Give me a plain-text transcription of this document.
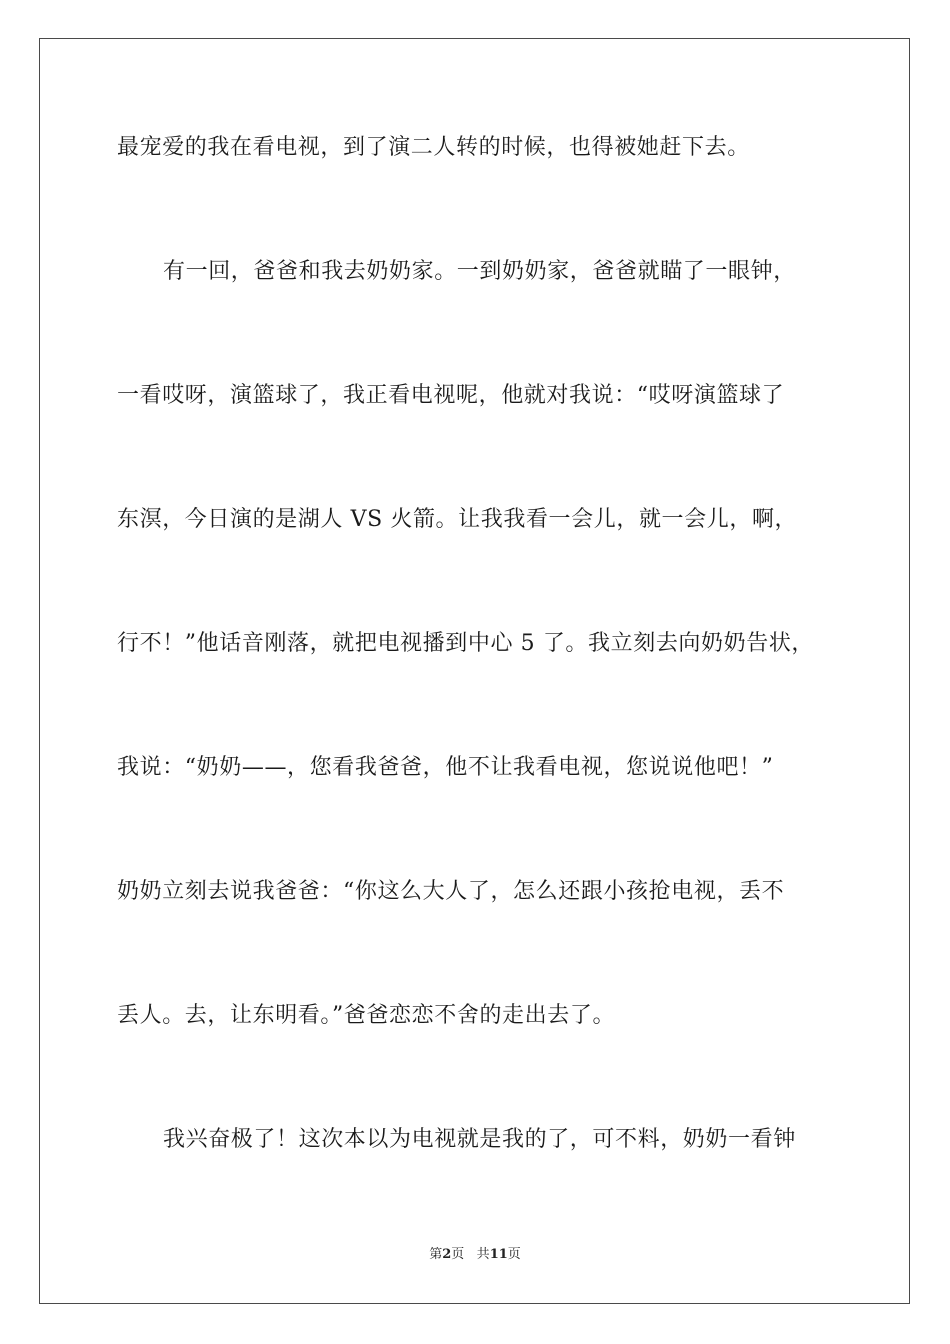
最宠爱的我在看电视，到了演二人转的时候，也得被她赶下去。

有一回，爸爸和我去奶奶家。一到奶奶家，爸爸就瞄了一眼钟，

一看哎呀，演篮球了，我正看电视呢，他就对我说：“哎呀演篮球了

东溟，今日演的是湖人 VS 火箭。让我我看一会儿，就一会儿，啊，

行不！”他话音刚落，就把电视播到中心 5 了。我立刻去向奶奶告状，

我说：“奶奶——，您看我爸爸，他不让我看电视，您说说他吧！”

奶奶立刻去说我爸爸：“你这么大人了，怎么还跟小孩抢电视，丢不

丢人。去，让东明看。”爸爸恋恋不舍的走出去了。

我兴奋极了！这次本以为电视就是我的了，可不料，奶奶一看钟

第2页 共11页
